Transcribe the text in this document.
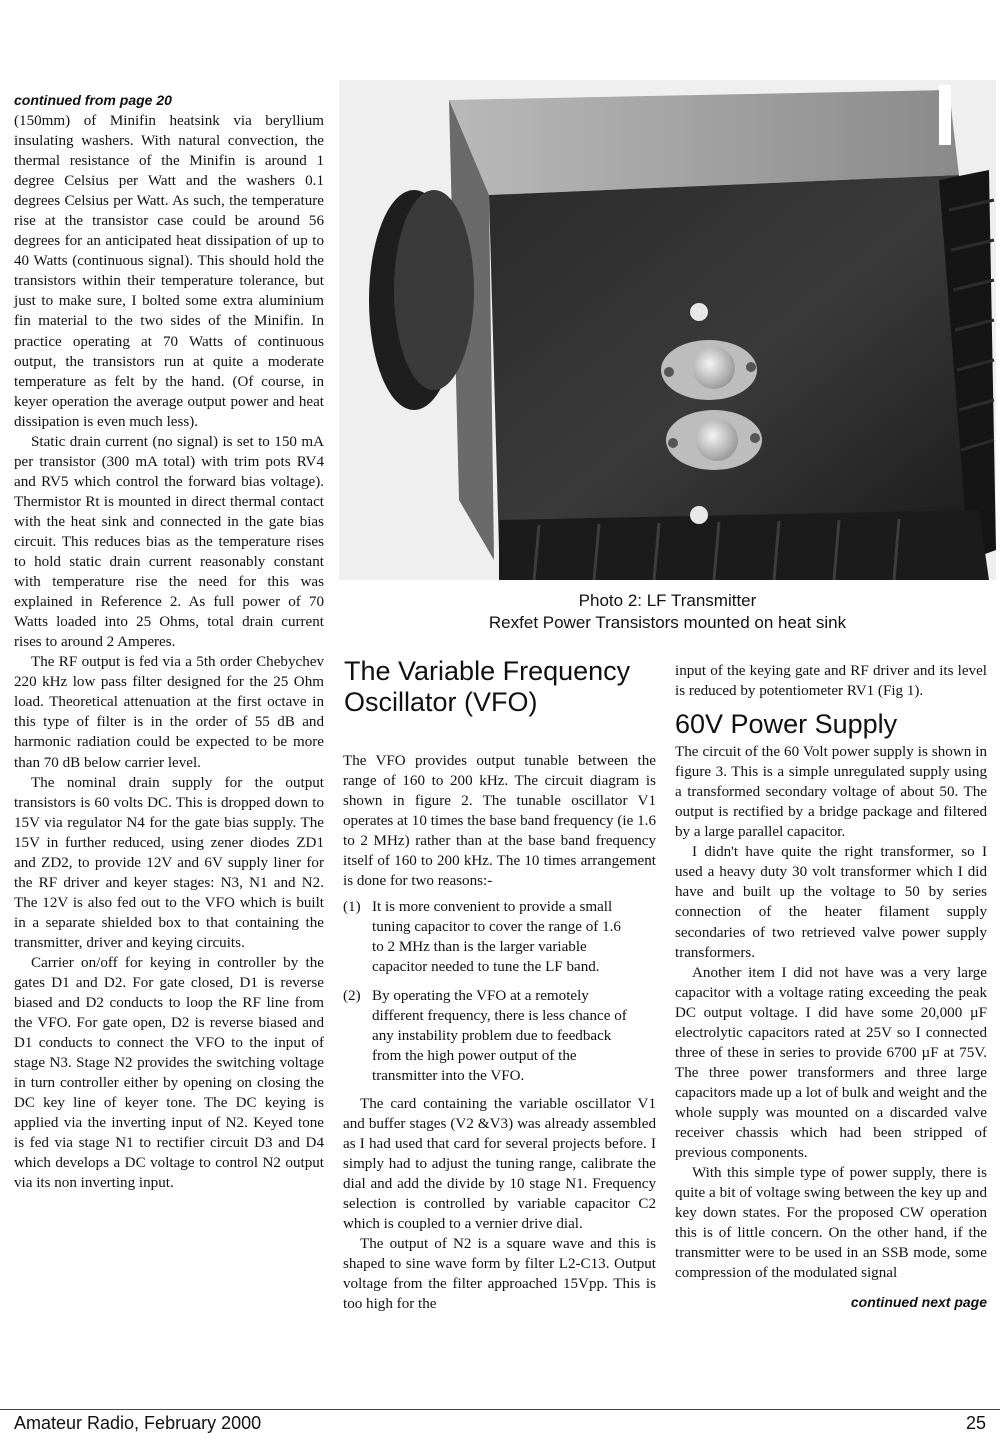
continued from page 20

(150mm) of Minifin heatsink via beryllium insulating washers. With natural convection, the thermal resistance of the Minifin is around 1 degree Celsius per Watt and the washers 0.1 degrees Celsius per Watt. As such, the temperature rise at the transistor case could be around 56 degrees for an anticipated heat dissipation of up to 40 Watts (continuous signal). This should hold the transistors within their temperature tolerance, but just to make sure, I bolted some extra aluminium fin material to the two sides of the Minifin. In practice operating at 70 Watts of continuous output, the transistors run at quite a moderate temperature as felt by the hand. (Of course, in keyer operation the average output power and heat dissipation is even much less).

Static drain current (no signal) is set to 150 mA per transistor (300 mA total) with trim pots RV4 and RV5 which control the forward bias voltage). Thermistor Rt is mounted in direct thermal contact with the heat sink and connected in the gate bias circuit. This reduces bias as the temperature rises to hold static drain current reasonably constant with temperature rise the need for this was explained in Reference 2. As full power of 70 Watts loaded into 25 Ohms, total drain current rises to around 2 Amperes.

The RF output is fed via a 5th order Chebychev 220 kHz low pass filter designed for the 25 Ohm load. Theoretical attenuation at the first octave in this type of filter is in the order of 55 dB and harmonic radiation could be expected to be more than 70 dB below carrier level.

The nominal drain supply for the output transistors is 60 volts DC. This is dropped down to 15V via regulator N4 for the gate bias supply. The 15V in further reduced, using zener diodes ZD1 and ZD2, to provide 12V and 6V supply liner for the RF driver and keyer stages: N3, N1 and N2. The 12V is also fed out to the VFO which is built in a separate shielded box to that containing the transmitter, driver and keying circuits.

Carrier on/off for keying in controller by the gates D1 and D2. For gate closed, D1 is reverse biased and D2 conducts to loop the RF line from the VFO. For gate open, D2 is reverse biased and D1 conducts to connect the VFO to the input of stage N3. Stage N2 provides the switching voltage in turn controller either by opening on closing the DC key line of keyer tone. The DC keying is applied via the inverting input of N2. Keyed tone is fed via stage N1 to rectifier circuit D3 and D4 which develops a DC voltage to control N2 output via its non inverting input.

Photo 2: LF Transmitter
Rexfet Power Transistors mounted on heat sink
The Variable Frequency Oscillator (VFO)

The VFO provides output tunable between the range of 160 to 200 kHz. The circuit diagram is shown in figure 2. The tunable oscillator V1 operates at 10 times the base band frequency (ie 1.6 to 2 MHz) rather than at the base band frequency itself of 160 to 200 kHz. The 10 times arrangement is done for two reasons:-

(1) It is more convenient to provide a small tuning capacitor to cover the range of 1.6 to 2 MHz than is the larger variable capacitor needed to tune the LF band.
(2) By operating the VFO at a remotely different frequency, there is less chance of any instability problem due to feedback from the high power output of the transmitter into the VFO.

The card containing the variable oscillator V1 and buffer stages (V2 &V3) was already assembled as I had used that card for several projects before. I simply had to adjust the tuning range, calibrate the dial and add the divide by 10 stage N1. Frequency selection is controlled by variable capacitor C2 which is coupled to a vernier drive dial.

The output of N2 is a square wave and this is shaped to sine wave form by filter L2-C13. Output voltage from the filter approached 15Vpp. This is too high for the

input of the keying gate and RF driver and its level is reduced by potentiometer RV1 (Fig 1).

60V Power Supply

The circuit of the 60 Volt power supply is shown in figure 3. This is a simple unregulated supply using a transformed secondary voltage of about 50. The output is rectified by a bridge package and filtered by a large parallel capacitor.

I didn't have quite the right transformer, so I used a heavy duty 30 volt transformer which I did have and built up the voltage to 50 by series connection of the heater filament supply secondaries of two retrieved valve power supply transformers.

Another item I did not have was a very large capacitor with a voltage rating exceeding the peak DC output voltage. I did have some 20,000 µF electrolytic capacitors rated at 25V so I connected three of these in series to provide 6700 µF at 75V. The three power transformers and three large capacitors made up a lot of bulk and weight and the whole supply was mounted on a discarded valve receiver chassis which had been stripped of previous components.

With this simple type of power supply, there is quite a bit of voltage swing between the key up and key down states. For the proposed CW operation this is of little concern. On the other hand, if the transmitter were to be used in an SSB mode, some compression of the modulated signal

continued next page
Amateur Radio, February 2000	25
